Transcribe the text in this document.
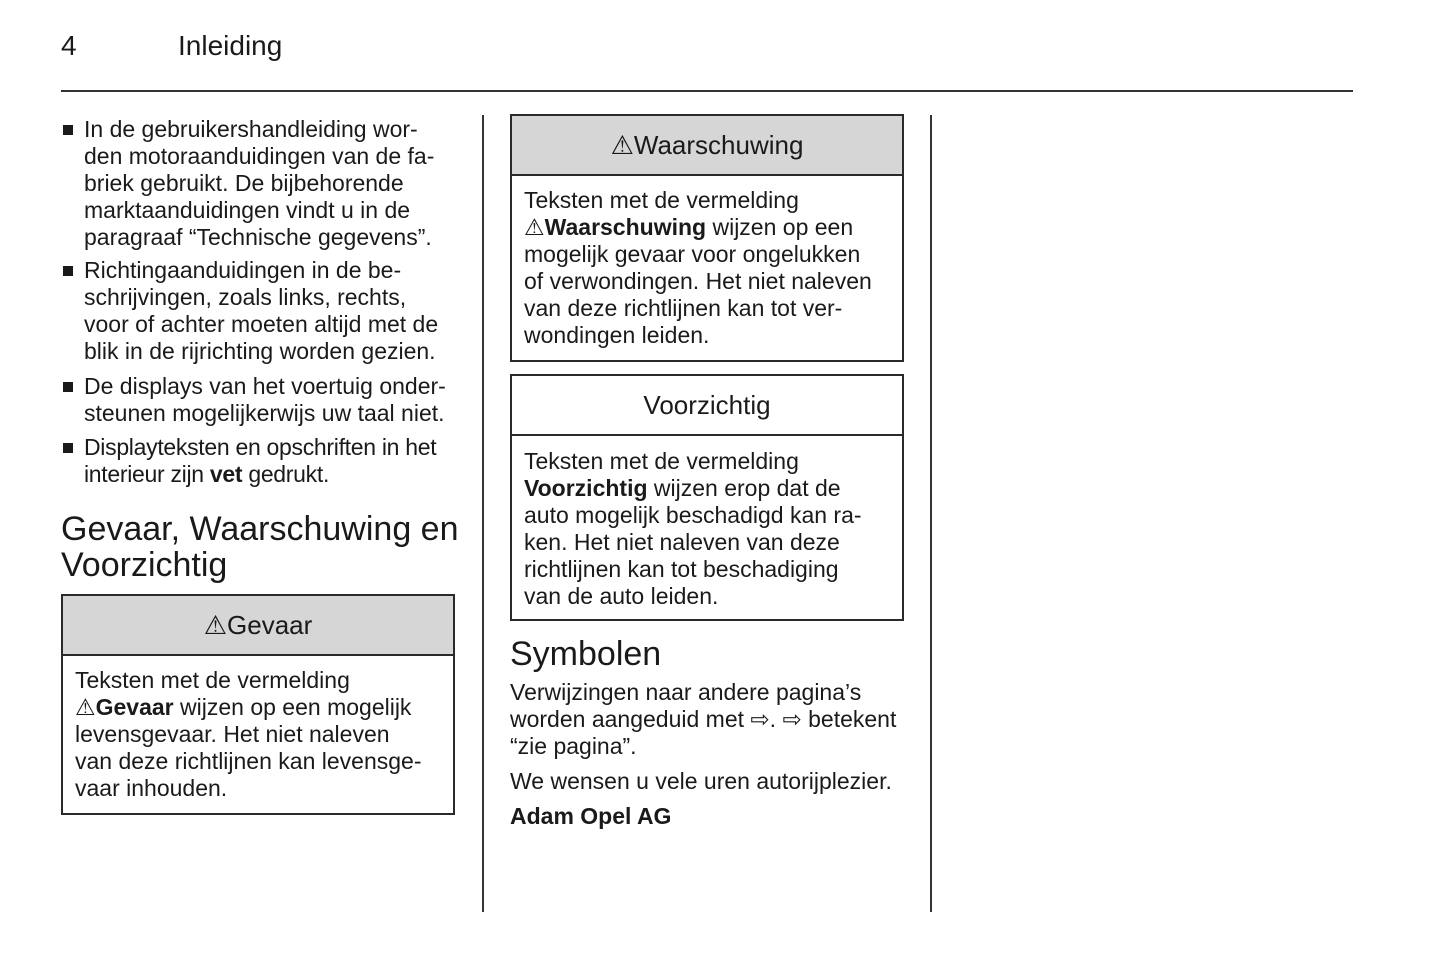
4	Inleiding
In de gebruikershandleiding wor-
den motoraanduidingen van de fa-
briek gebruikt. De bijbehorende
marktaanduidingen vindt u in de
paragraaf “Technische gegevens”.
Richtingaanduidingen in de be-
schrijvingen, zoals links, rechts,
voor of achter moeten altijd met de
blik in de rijrichting worden gezien.
De displays van het voertuig onder-
steunen mogelijkerwijs uw taal niet.
Displayteksten en opschriften in het
interieur zijn vet gedrukt.
Gevaar, Waarschuwing en
Voorzichtig
⚠ Gevaar
Teksten met de vermelding
⚠Gevaar wijzen op een mogelijk
levensgevaar. Het niet naleven
van deze richtlijnen kan levensge-
vaar inhouden.
⚠ Waarschuwing
Teksten met de vermelding
⚠Waarschuwing wijzen op een
mogelijk gevaar voor ongelukken
of verwondingen. Het niet naleven
van deze richtlijnen kan tot ver-
wondingen leiden.
Voorzichtig
Teksten met de vermelding
Voorzichtig wijzen erop dat de
auto mogelijk beschadigd kan ra-
ken. Het niet naleven van deze
richtlijnen kan tot beschadiging
van de auto leiden.
Symbolen
Verwijzingen naar andere pagina’s
worden aangeduid met ⇨. ⇨ betekent
“zie pagina”.
We wensen u vele uren autorijplezier.
Adam Opel AG
